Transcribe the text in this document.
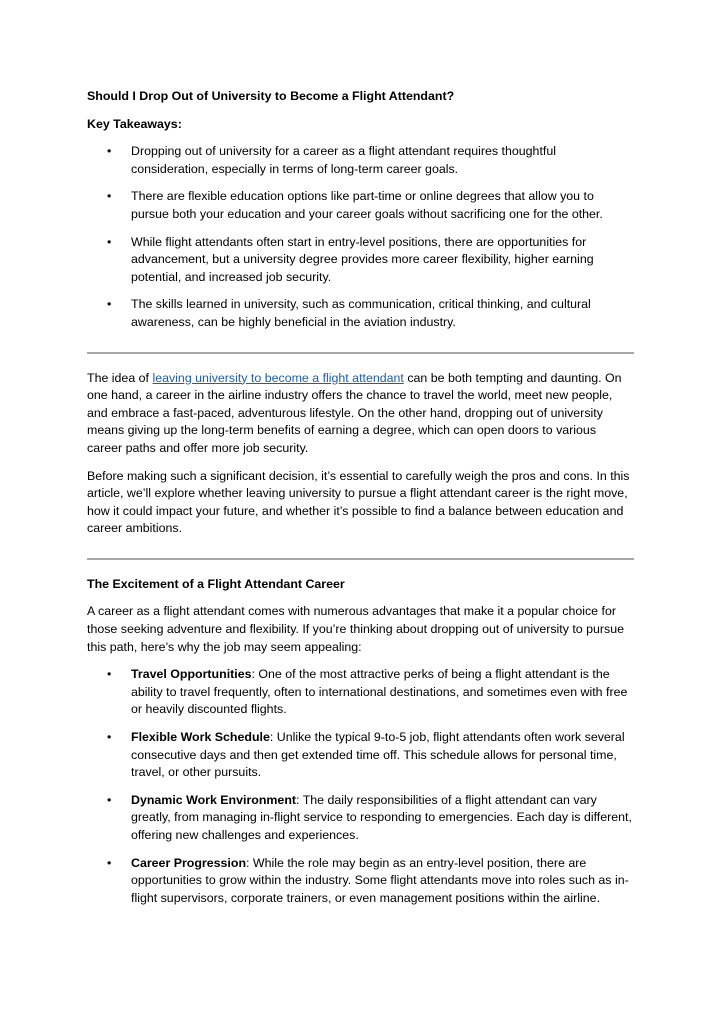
Should I Drop Out of University to Become a Flight Attendant?
Key Takeaways:
• Dropping out of university for a career as a flight attendant requires thoughtful consideration, especially in terms of long-term career goals.
• There are flexible education options like part-time or online degrees that allow you to pursue both your education and your career goals without sacrificing one for the other.
• While flight attendants often start in entry-level positions, there are opportunities for advancement, but a university degree provides more career flexibility, higher earning potential, and increased job security.
• The skills learned in university, such as communication, critical thinking, and cultural awareness, can be highly beneficial in the aviation industry.

The idea of leaving university to become a flight attendant can be both tempting and daunting. On one hand, a career in the airline industry offers the chance to travel the world, meet new people, and embrace a fast-paced, adventurous lifestyle. On the other hand, dropping out of university means giving up the long-term benefits of earning a degree, which can open doors to various career paths and offer more job security.

Before making such a significant decision, it’s essential to carefully weigh the pros and cons. In this article, we’ll explore whether leaving university to pursue a flight attendant career is the right move, how it could impact your future, and whether it’s possible to find a balance between education and career ambitions.

The Excitement of a Flight Attendant Career

A career as a flight attendant comes with numerous advantages that make it a popular choice for those seeking adventure and flexibility. If you’re thinking about dropping out of university to pursue this path, here’s why the job may seem appealing:

• Travel Opportunities: One of the most attractive perks of being a flight attendant is the ability to travel frequently, often to international destinations, and sometimes even with free or heavily discounted flights.
• Flexible Work Schedule: Unlike the typical 9-to-5 job, flight attendants often work several consecutive days and then get extended time off. This schedule allows for personal time, travel, or other pursuits.
• Dynamic Work Environment: The daily responsibilities of a flight attendant can vary greatly, from managing in-flight service to responding to emergencies. Each day is different, offering new challenges and experiences.
• Career Progression: While the role may begin as an entry-level position, there are opportunities to grow within the industry. Some flight attendants move into roles such as in-flight supervisors, corporate trainers, or even management positions within the airline.
